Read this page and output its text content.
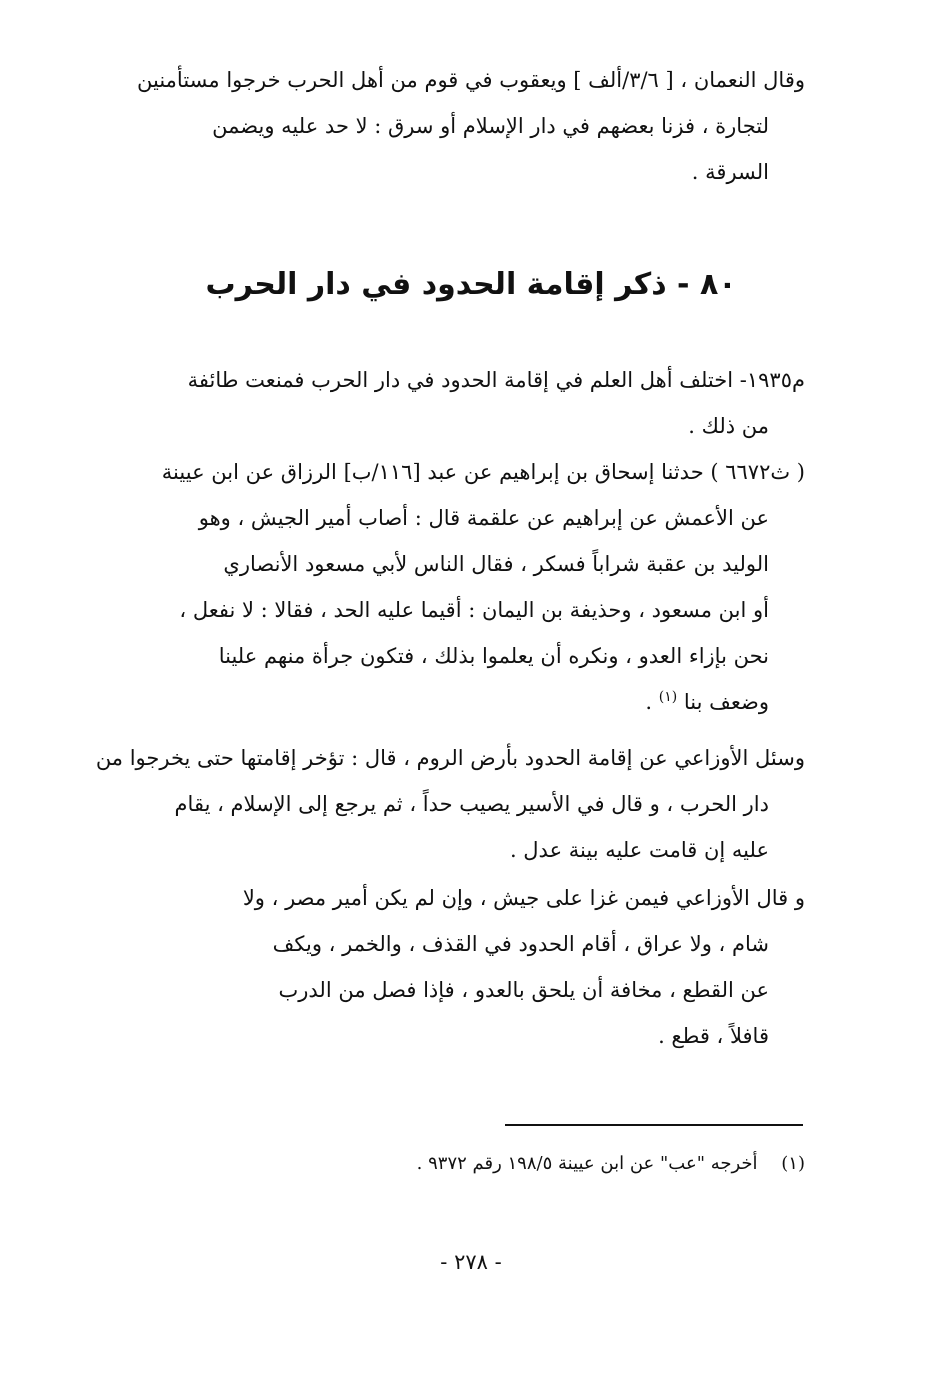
وقال النعمان ، [ ٣/٦/ألف ] ويعقوب في قوم من أهل الحرب خرجوا مستأمنين
لتجارة ، فزنا بعضهم في دار الإسلام أو سرق : لا حد عليه ويضمن
السرقة .
٨٠ - ذكر إقامة الحدود في دار الحرب
م١٩٣٥- اختلف أهل العلم في إقامة الحدود في دار الحرب فمنعت طائفة
من ذلك .
( ث٦٦٧٢ ) حدثنا إسحاق بن إبراهيم عن عبد [١١٦/ب] الرزاق عن ابن عيينة
عن الأعمش عن إبراهيم عن علقمة قال : أصاب أمير الجيش ، وهو
الوليد بن عقبة شراباً فسكر ، فقال الناس لأبي مسعود الأنصاري
أو ابن مسعود ، وحذيفة بن اليمان : أقيما عليه الحد ، فقالا : لا نفعل ،
نحن بإزاء العدو ، ونكره أن يعلموا بذلك ، فتكون جرأة منهم علينا
وضعف بنا $^{(١)}$ .
وسئل الأوزاعي عن إقامة الحدود بأرض الروم ، قال : تؤخر إقامتها حتى يخرجوا من
دار الحرب ، و قال في الأسير يصيب حداً ، ثم يرجع إلى الإسلام ، يقام
عليه إن قامت عليه بينة عدل .
و قال الأوزاعي فيمن غزا على جيش ، وإن لم يكن أمير مصر ، ولا
شام ، ولا عراق ، أقام الحدود في القذف ، والخمر ، ويكف
عن القطع ، مخافة أن يلحق بالعدو ، فإذا فصل من الدرب
قافلاً ، قطع .
(١) أخرجه "عب" عن ابن عيينة ١٩٨/٥ رقم ٩٣٧٢ .
- ٢٧٨ -
